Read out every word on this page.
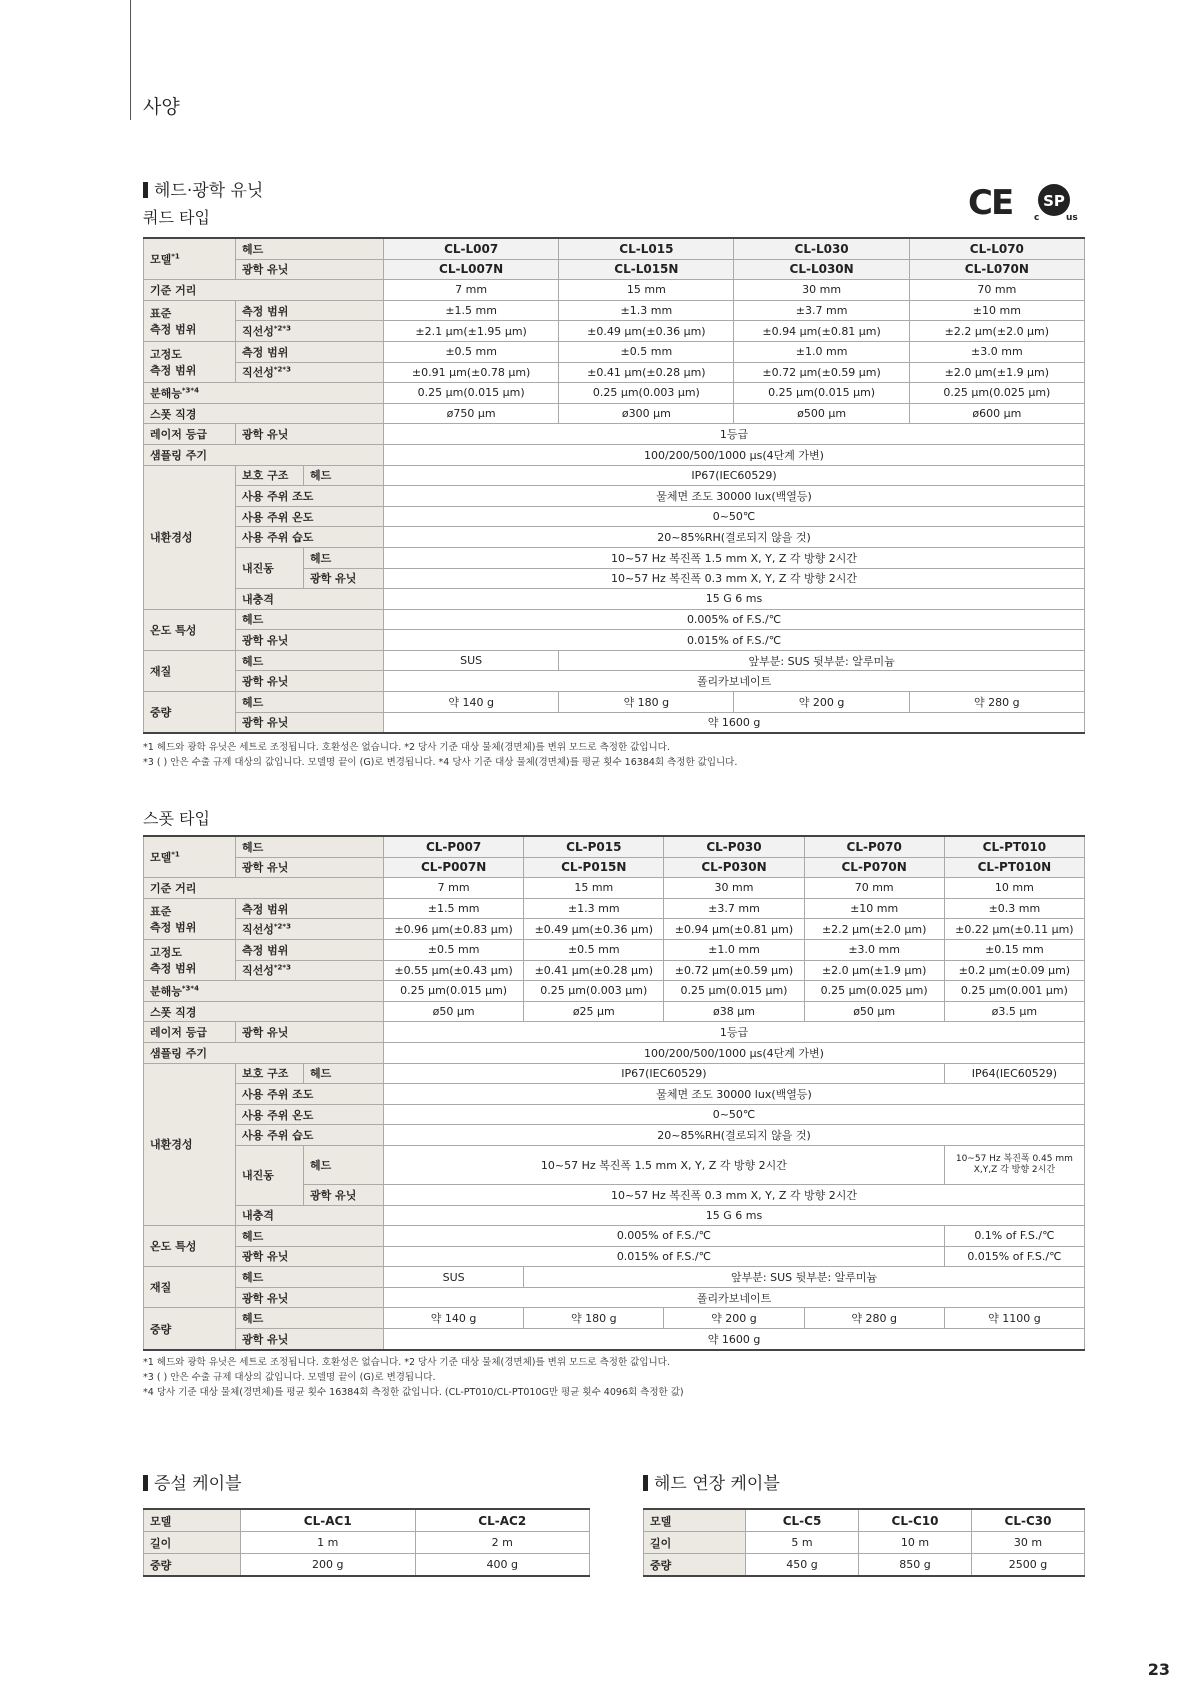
사양
헤드·광학 유닛
쿼드 타입	CE SP
c	us
모델$^{*1}$	헤드		CL-L007	CL-L015	CL-L030	CL-L070
	광학 유닛		CL-L007N	CL-L015N	CL-L030N	CL-L070N
기준 거리			7 mm	15 mm	30 mm	70 mm
표준
측정 범위	측정 범위		±1.5 mm	±1.3 mm	±3.7 mm	±10 mm
	직선성$^{*2*3}$		±2.1 μm(±1.95 μm)	±0.49 μm(±0.36 μm)	±0.94 μm(±0.81 μm)	±2.2 μm(±2.0 μm)
고정도
측정 범위	측정 범위		±0.5 mm	±0.5 mm	±1.0 mm	±3.0 mm
	직선성$^{*2*3}$		±0.91 μm(±0.78 μm)	±0.41 μm(±0.28 μm)	±0.72 μm(±0.59 μm)	±2.0 μm(±1.9 μm)
분해능$^{*3*4}$			0.25 μm(0.015 μm)	0.25 μm(0.003 μm)	0.25 μm(0.015 μm)	0.25 μm(0.025 μm)
스폿 직경			ø750 μm	ø300 μm	ø500 μm	ø600 μm
레이저 등급	광학 유닛		1등급			
샘플링 주기			100/200/500/1000 μs(4단계 가변)			
내환경성	보호 구조	헤드	IP67(IEC60529)			
	사용 주위 조도		물체면 조도 30000 lux(백열등)			
	사용 주위 온도		0~50℃			
	사용 주위 습도		20~85%RH(결로되지 않을 것)			
	내진동	헤드	10~57 Hz 복진폭 1.5 mm X, Y, Z 각 방향 2시간			
		광학 유닛	10~57 Hz 복진폭 0.3 mm X, Y, Z 각 방향 2시간			
	내충격		15 G 6 ms			
온도 특성	헤드		0.005% of F.S./℃			
	광학 유닛		0.015% of F.S./℃			
재질	헤드		SUS	앞부분: SUS 뒷부분: 알루미늄		
	광학 유닛		폴리카보네이트			
중량	헤드		약 140 g	약 180 g	약 200 g	약 280 g
	광학 유닛		약 1600 g			
*1 헤드와 광학 유닛은 세트로 조정됩니다. 호환성은 없습니다. *2 당사 기준 대상 물체(경면체)를 변위 모드로 측정한 값입니다.
*3 ( ) 안은 수출 규제 대상의 값입니다. 모델명 끝이 (G)로 변경됩니다. *4 당사 기준 대상 물체(경면체)를 평균 횟수 16384회 측정한 값입니다.
스폿 타입
모델$^{*1}$	헤드		CL-P007	CL-P015	CL-P030	CL-P070	CL-PT010
	광학 유닛		CL-P007N	CL-P015N	CL-P030N	CL-P070N	CL-PT010N
기준 거리			7 mm	15 mm	30 mm	70 mm	10 mm
표준
측정 범위	측정 범위		±1.5 mm	±1.3 mm	±3.7 mm	±10 mm	±0.3 mm
	직선성$^{*2*3}$		±0.96 μm(±0.83 μm)	±0.49 μm(±0.36 μm)	±0.94 μm(±0.81 μm)	±2.2 μm(±2.0 μm)	±0.22 μm(±0.11 μm)
고정도
측정 범위	측정 범위		±0.5 mm	±0.5 mm	±1.0 mm	±3.0 mm	±0.15 mm
	직선성$^{*2*3}$		±0.55 μm(±0.43 μm)	±0.41 μm(±0.28 μm)	±0.72 μm(±0.59 μm)	±2.0 μm(±1.9 μm)	±0.2 μm(±0.09 μm)
분해능$^{*3*4}$			0.25 μm(0.015 μm)	0.25 μm(0.003 μm)	0.25 μm(0.015 μm)	0.25 μm(0.025 μm)	0.25 μm(0.001 μm)
스폿 직경			ø50 μm	ø25 μm	ø38 μm	ø50 μm	ø3.5 μm
레이저 등급	광학 유닛		1등급				
샘플링 주기			100/200/500/1000 μs(4단계 가변)				
내환경성	보호 구조	헤드	IP67(IEC60529)				IP64(IEC60529)
	사용 주위 조도		물체면 조도 30000 lux(백열등)				
	사용 주위 온도		0~50℃				
	사용 주위 습도		20~85%RH(결로되지 않을 것)				
	내진동	헤드	10~57 Hz 복진폭 1.5 mm X, Y, Z 각 방향 2시간				10~57 Hz 복진폭 0.45 mm
X,Y,Z 각 방향 2시간
		광학 유닛	10~57 Hz 복진폭 0.3 mm X, Y, Z 각 방향 2시간				
	내충격		15 G 6 ms				
온도 특성	헤드		0.005% of F.S./℃				0.1% of F.S./℃
	광학 유닛		0.015% of F.S./℃				0.015% of F.S./℃
재질	헤드		SUS	앞부분: SUS 뒷부분: 알루미늄			
	광학 유닛		폴리카보네이트				
중량	헤드		약 140 g	약 180 g	약 200 g	약 280 g	약 1100 g
	광학 유닛		약 1600 g				
*1 헤드와 광학 유닛은 세트로 조정됩니다. 호환성은 없습니다. *2 당사 기준 대상 물체(경면체)를 변위 모드로 측정한 값입니다.
*3 ( ) 안은 수출 규제 대상의 값입니다. 모델명 끝이 (G)로 변경됩니다.
*4 당사 기준 대상 물체(경면체)를 평균 횟수 16384회 측정한 값입니다. (CL-PT010/CL-PT010G만 평균 횟수 4096회 측정한 값)
증설 케이블	헤드 연장 케이블
모델	CL-AC1	CL-AC2
길이	1 m	2 m
중량	200 g	400 g
모델	CL-C5	CL-C10	CL-C30
길이	5 m	10 m	30 m
중량	450 g	850 g	2500 g
23
